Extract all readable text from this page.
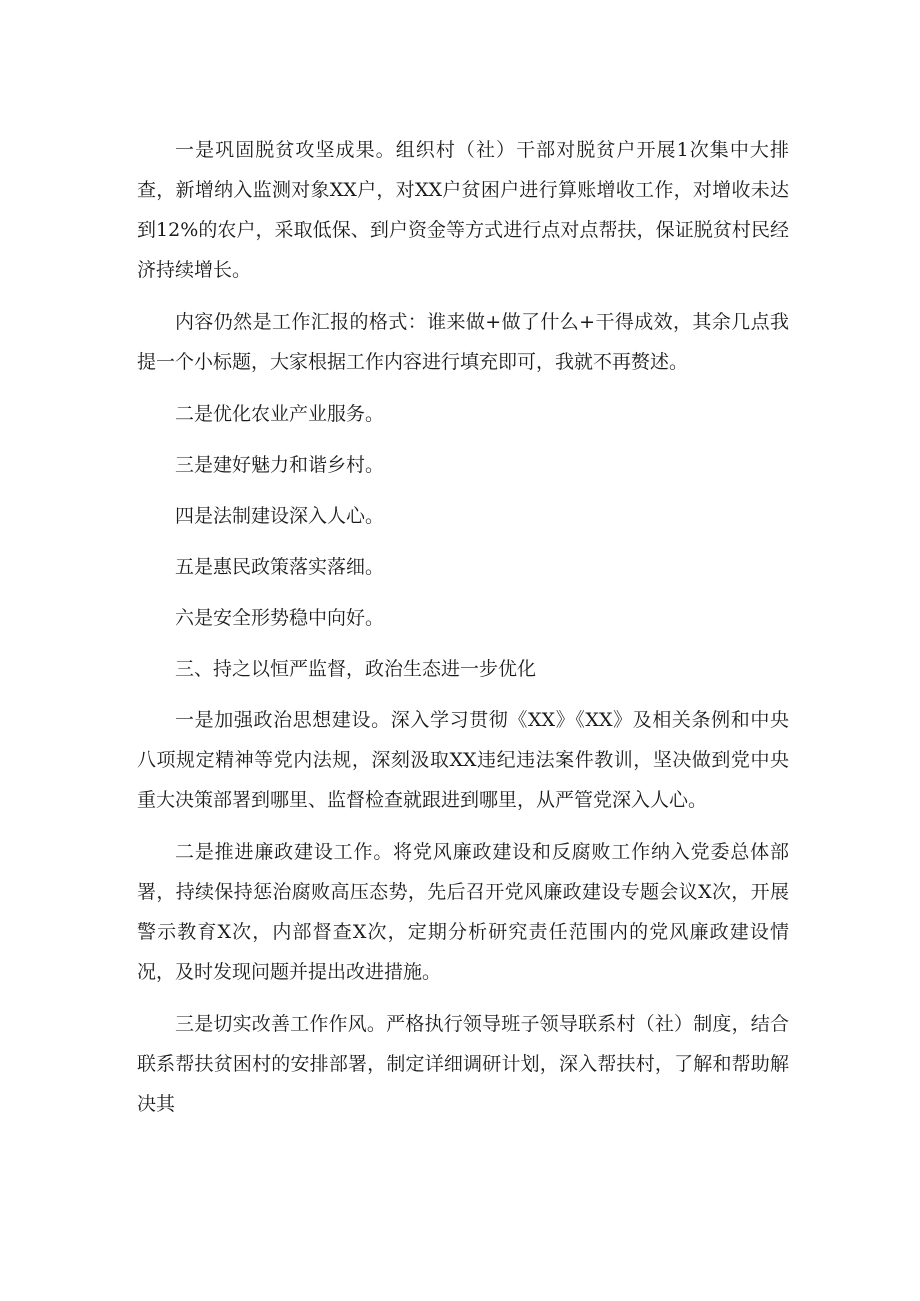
一是巩固脱贫攻坚成果。组织村（社）干部对脱贫户开展1次集中大排查，新增纳入监测对象XX户，对XX户贫困户进行算账增收工作，对增收未达到12%的农户，采取低保、到户资金等方式进行点对点帮扶，保证脱贫村民经济持续增长。

内容仍然是工作汇报的格式：谁来做+做了什么+干得成效，其余几点我提一个小标题，大家根据工作内容进行填充即可，我就不再赘述。

二是优化农业产业服务。

三是建好魅力和谐乡村。

四是法制建设深入人心。

五是惠民政策落实落细。

六是安全形势稳中向好。

三、持之以恒严监督，政治生态进一步优化

一是加强政治思想建设。深入学习贯彻《XX》《XX》及相关条例和中央八项规定精神等党内法规，深刻汲取XX违纪违法案件教训，坚决做到党中央重大决策部署到哪里、监督检查就跟进到哪里，从严管党深入人心。

二是推进廉政建设工作。将党风廉政建设和反腐败工作纳入党委总体部署，持续保持惩治腐败高压态势，先后召开党风廉政建设专题会议X次，开展警示教育X次，内部督查X次，定期分析研究责任范围内的党风廉政建设情况，及时发现问题并提出改进措施。

三是切实改善工作作风。严格执行领导班子领导联系村（社）制度，结合联系帮扶贫困村的安排部署，制定详细调研计划，深入帮扶村，了解和帮助解决其
